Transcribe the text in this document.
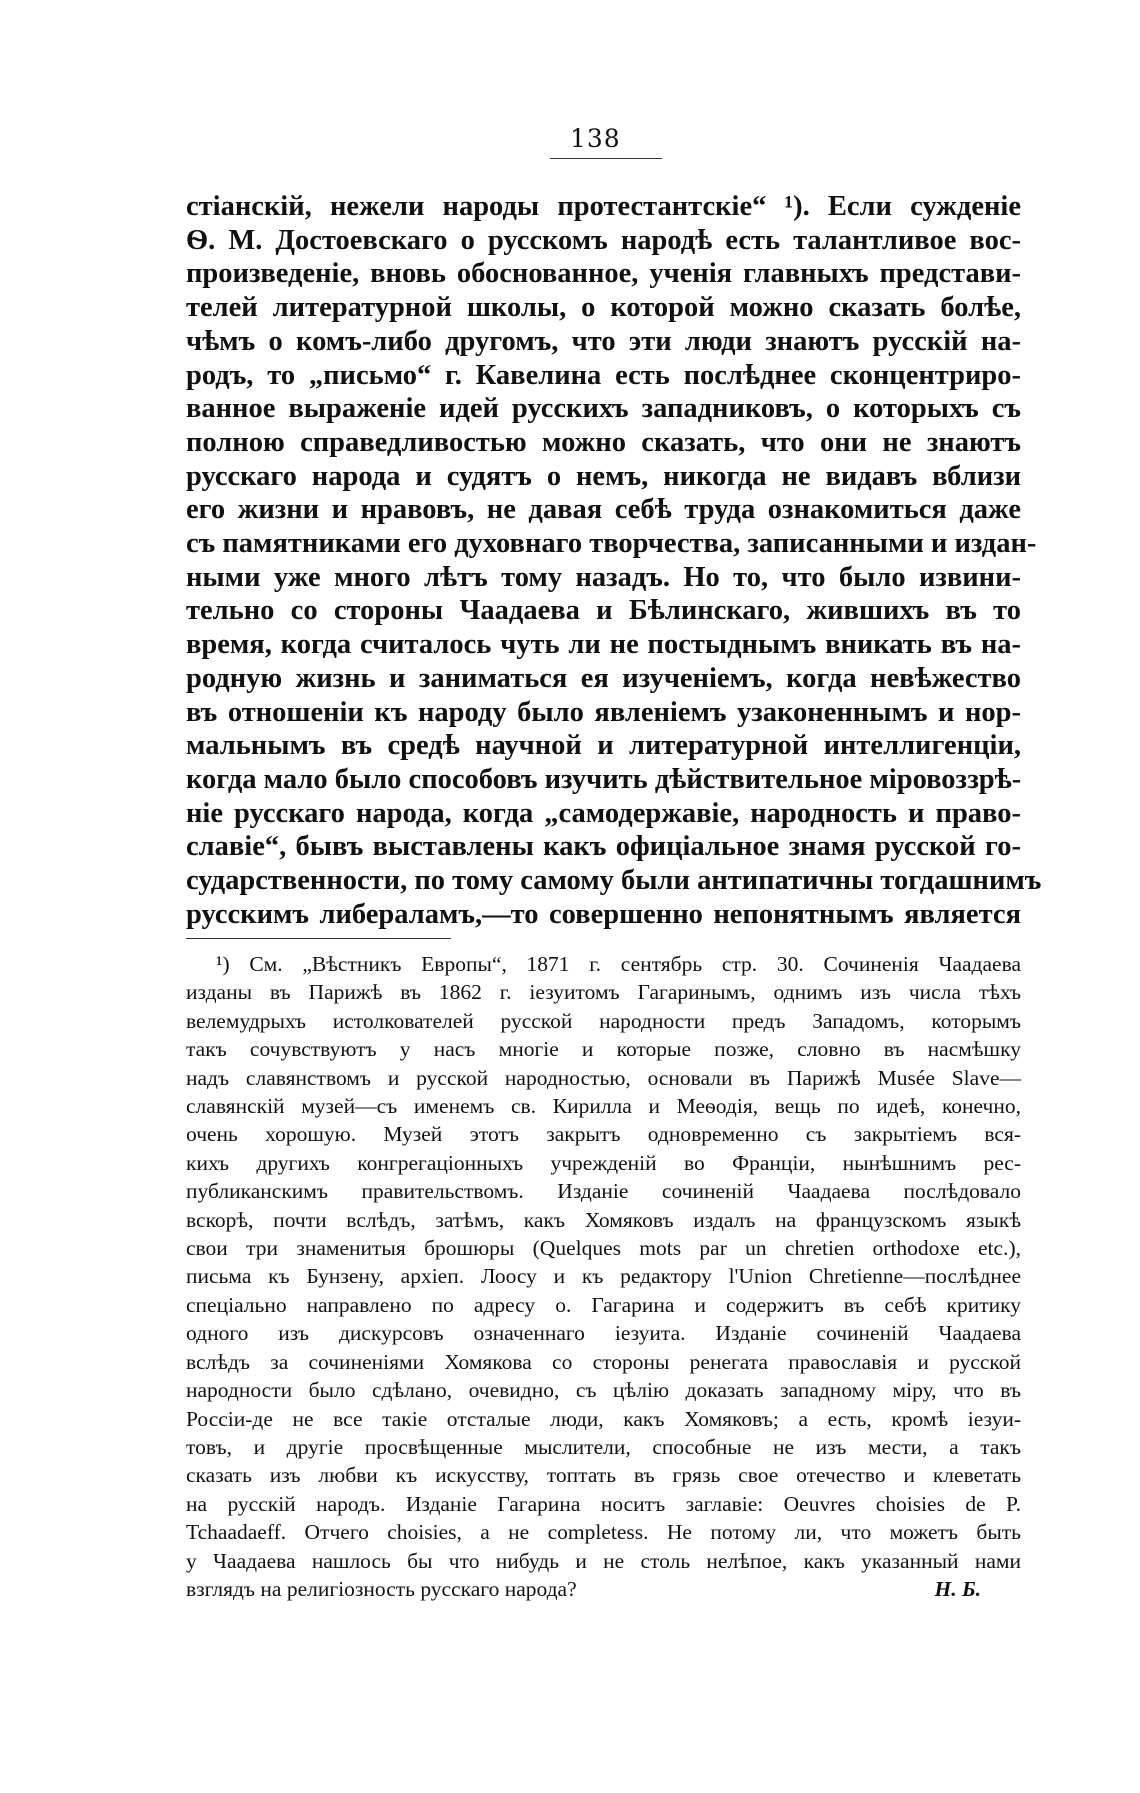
138
стіанскій, нежели народы протестантскіе“ ¹). Если сужденіе
Ѳ. М. Достоевскаго о русскомъ народѣ есть талантливое вос-
произведеніе, вновь обоснованное, ученія главныхъ представи-
телей литературной школы, о которой можно сказать болѣе,
чѣмъ о комъ-либо другомъ, что эти люди знаютъ русскій на-
родъ, то „письмо“ г. Кавелина есть послѣднее сконцентриро-
ванное выраженіе идей русскихъ западниковъ, о которыхъ съ
полною справедливостью можно сказать, что они не знаютъ
русскаго народа и судятъ о немъ, никогда не видавъ вблизи
его жизни и нравовъ, не давая себѣ труда ознакомиться даже
съ памятниками его духовнаго творчества, записанными и издан-
ными уже много лѣтъ тому назадъ. Но то, что было извини-
тельно со стороны Чаадаева и Бѣлинскаго, жившихъ въ то
время, когда считалось чуть ли не постыднымъ вникать въ на-
родную жизнь и заниматься ея изученіемъ, когда невѣжество
въ отношеніи къ народу было явленіемъ узаконеннымъ и нор-
мальнымъ въ средѣ научной и литературной интеллигенціи,
когда мало было способовъ изучить дѣйствительное міровоззрѣ-
ніе русскаго народа, когда „самодержавіе, народность и право-
славіе“, бывъ выставлены какъ офиціальное знамя русской го-
сударственности, по тому самому были антипатичны тогдашнимъ
русскимъ либераламъ,—то совершенно непонятнымъ является
¹) См. „Вѣстникъ Европы“, 1871 г. сентябрь стр. 30. Сочиненія Чаадаева
изданы въ Парижѣ въ 1862 г. іезуитомъ Гагаринымъ, однимъ изъ числа тѣхъ
велемудрыхъ истолкователей русской народности предъ Западомъ, которымъ
такъ сочувствуютъ у насъ многіе и которые позже, словно въ насмѣшку
надъ славянствомъ и русской народностью, основали въ Парижѣ Musée Slave—
славянскій музей—съ именемъ св. Кирилла и Меѳодія, вещь по идеѣ, конечно,
очень хорошую. Музей этотъ закрытъ одновременно съ закрытіемъ вся-
кихъ другихъ конгрегаціонныхъ учрежденій во Франціи, нынѣшнимъ рес-
публиканскимъ правительствомъ. Изданіе сочиненій Чаадаева послѣдовало
вскорѣ, почти вслѣдъ, затѣмъ, какъ Хомяковъ издалъ на французскомъ языкѣ
свои три знаменитыя брошюры (Quelques mots par un chretien orthodoxe etc.),
письма къ Бунзену, архіеп. Лоосу и къ редактору l'Union Chretienne—послѣднее
спеціально направлено по адресу о. Гагарина и содержитъ въ себѣ критику
одного изъ дискурсовъ означеннаго іезуита. Изданіе сочиненій Чаадаева
вслѣдъ за сочиненіями Хомякова со стороны ренегата православія и русской
народности было сдѣлано, очевидно, съ цѣлію доказать западному міру, что въ
Россіи-де не все такіе отсталые люди, какъ Хомяковъ; а есть, кромѣ іезуи-
товъ, и другіе просвѣщенные мыслители, способные не изъ мести, а такъ
сказать изъ любви къ искусству, топтать въ грязь свое отечество и клеветать
на русскій народъ. Изданіе Гагарина носитъ заглавіе: Oeuvres choisies de P.
Tchaadaeff. Отчего choisies, а не completess. Не потому ли, что можетъ быть
у Чаадаева нашлось бы что нибудь и не столь нелѣпое, какъ указанный нами
взглядъ на религіозность русскаго народа?	Н. Б.
